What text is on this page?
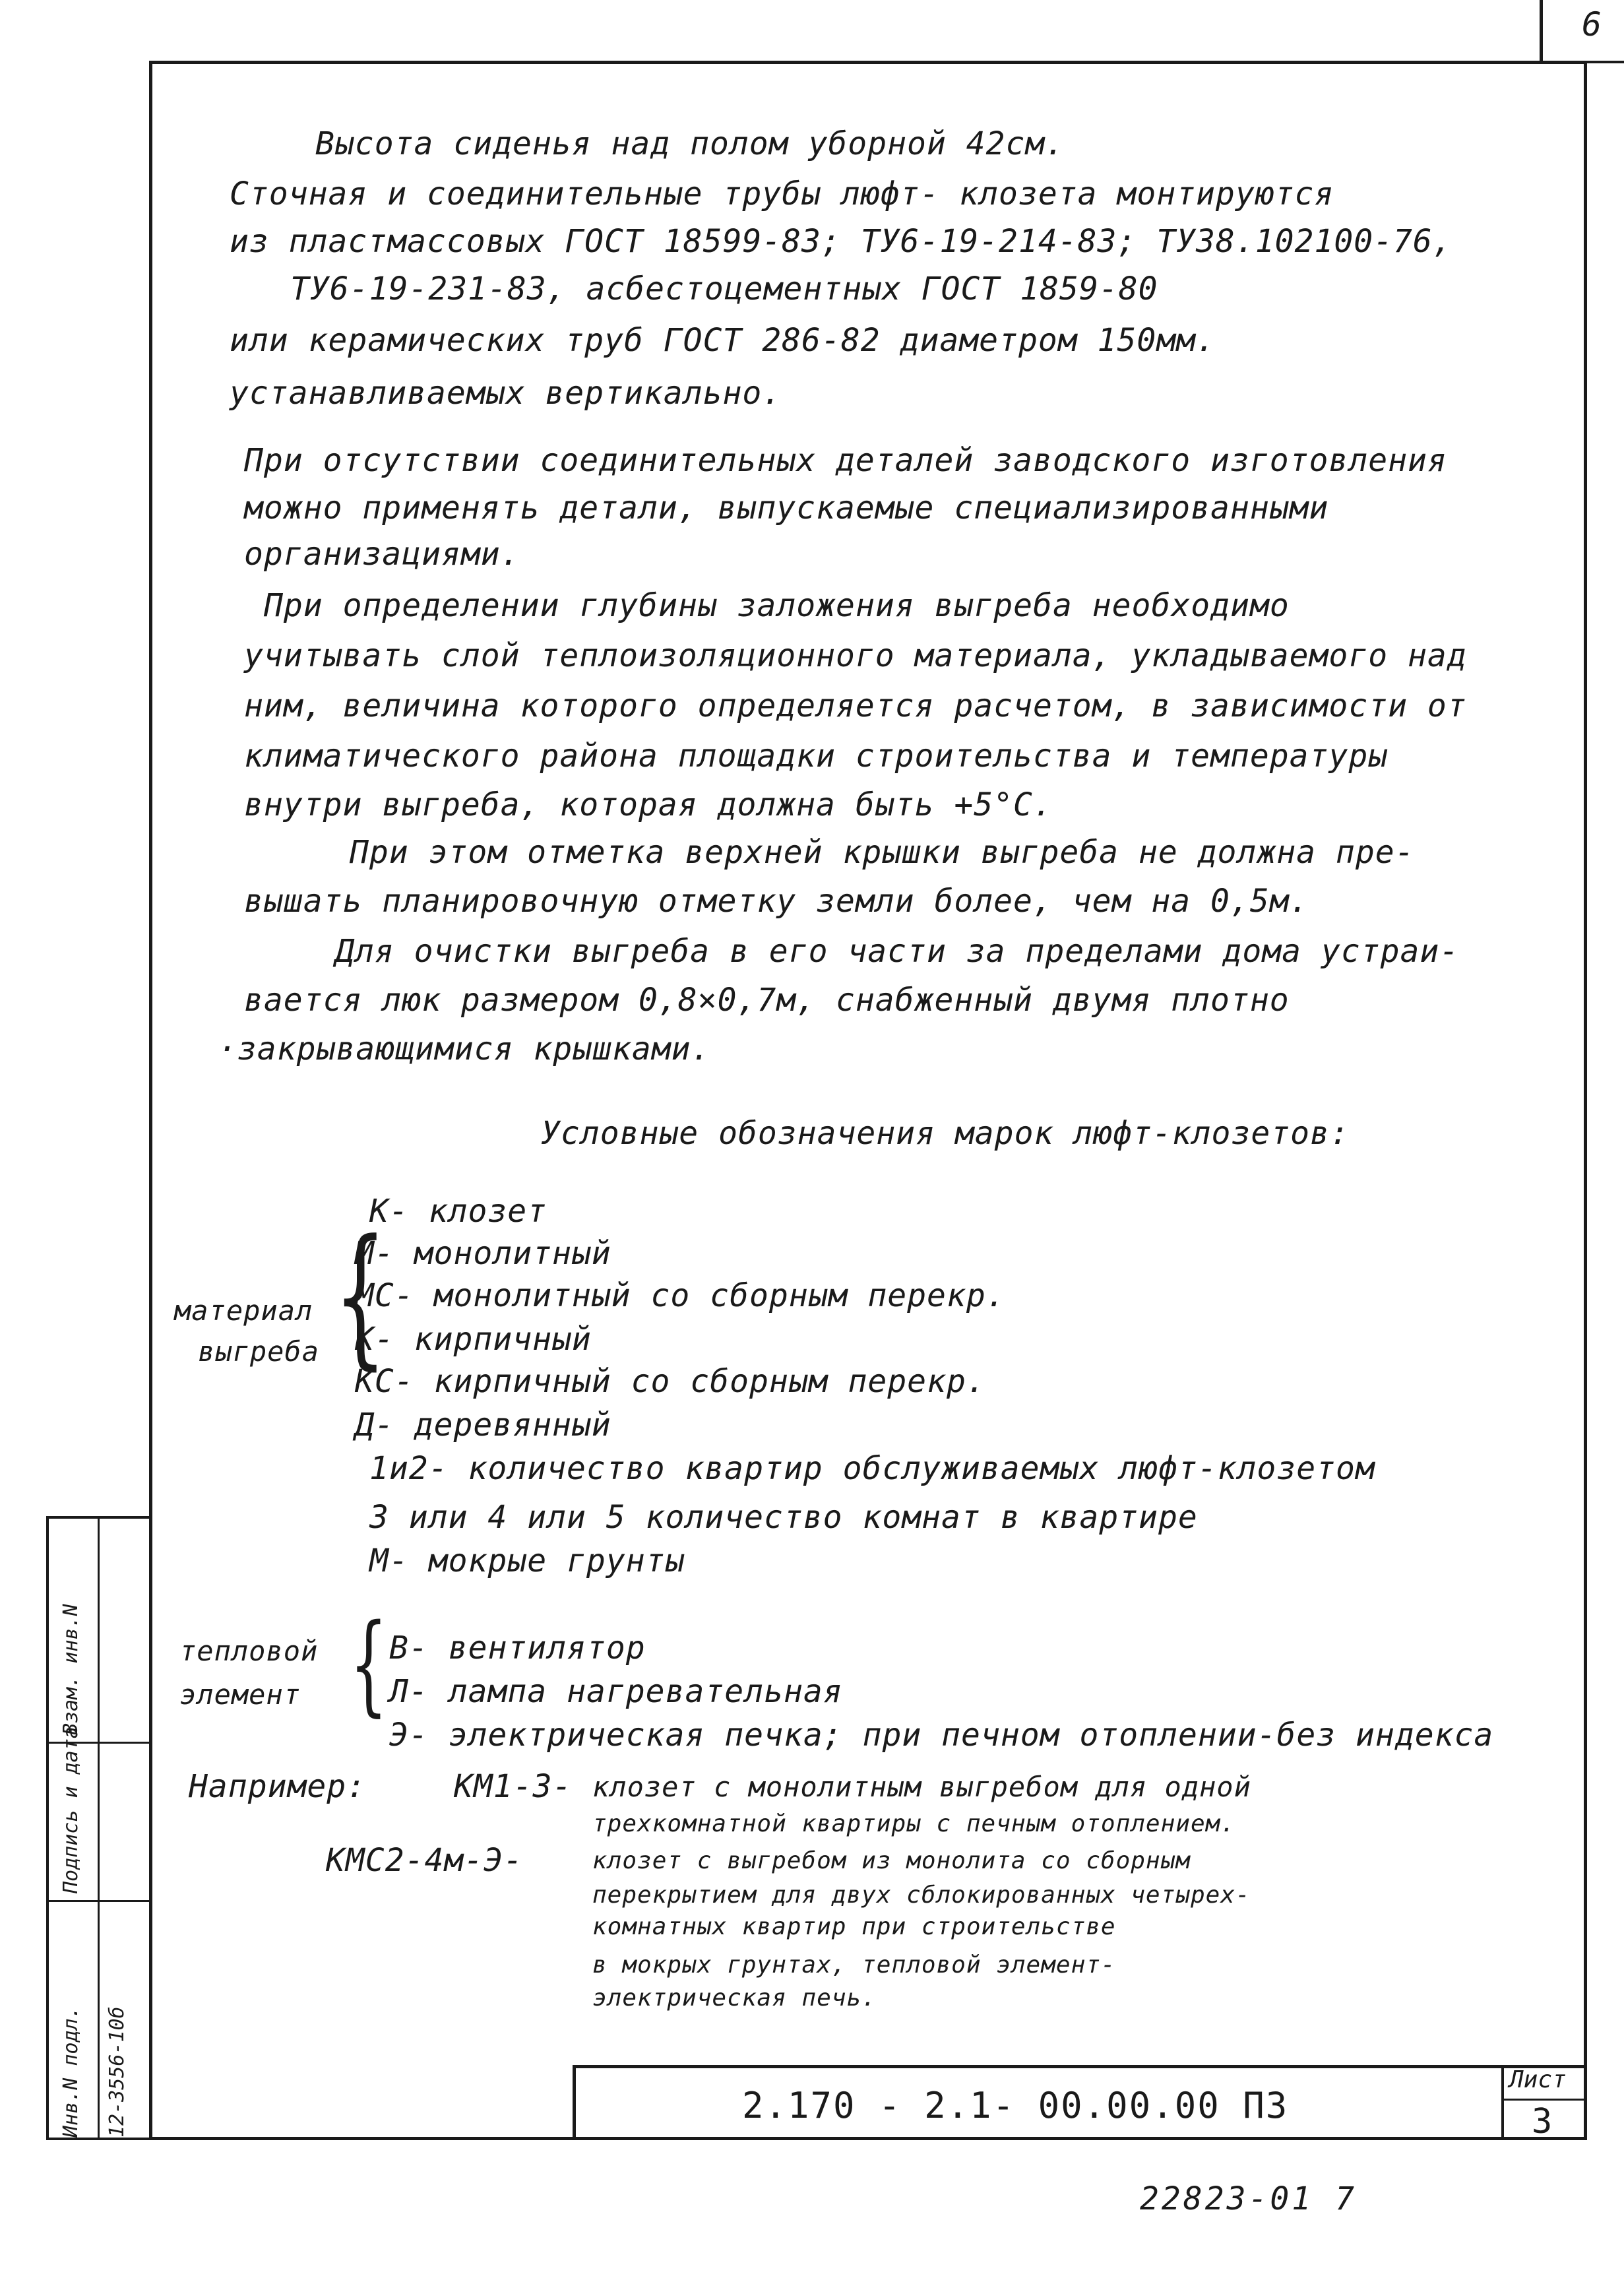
6
Инв.N подл. 12-3556-10б
Подпись и дата
Взам. инв.N
Высота сиденья над полом уборной 42см.
Сточная и соединительные трубы люфт- клозета монтируются
из пластмассовых ГОСТ 18599-83; ТУ6-19-214-83; ТУ38.102100-76,
ТУ6-19-231-83, асбестоцементных ГОСТ 1859-80
или керамических труб ГОСТ 286-82 диаметром 150мм.
устанавливаемых вертикально.
При отсутствии соединительных деталей заводского изготовления
можно применять детали, выпускаемые специализированными
организациями.
При определении глубины заложения выгреба необходимо
учитывать слой теплоизоляционного материала, укладываемого над
ним, величина которого определяется расчетом, в зависимости от
климатического района площадки строительства и температуры
внутри выгреба, которая должна быть +5°С.
При этом отметка верхней крышки выгреба не должна пре-
вышать планировочную отметку земли более, чем на 0,5м.
Для очистки выгреба в его части за пределами дома устраи-
вается люк размером 0,8×0,7м, снабженный двумя плотно
·закрывающимися крышками.
Условные обозначения марок люфт-клозетов:
К- клозет
материал
выгреба {
М- монолитный
МС- монолитный со сборным перекр.
К- кирпичный
КС- кирпичный со сборным перекр.
Д- деревянный
1и2- количество квартир обслуживаемых люфт-клозетом
3 или 4 или 5 количество комнат в квартире
М- мокрые грунты
тепловой
элемент { В- вентилятор
Л- лампа нагревательная
Э- электрическая печка; при печном отоплении-без индекса
Например:	КМ1-3- клозет с монолитным выгребом для одной
трехкомнатной квартиры с печным отоплением.
КМС2-4м-Э-	клозет с выгребом из монолита со сборным
перекрытием для двух сблокированных четырех-
комнатных квартир при строительстве
в мокрых грунтах, тепловой элемент-
электрическая печь.
2.170 - 2.1- 00.00.00 ПЗ
Лист
3
22823-01 7
